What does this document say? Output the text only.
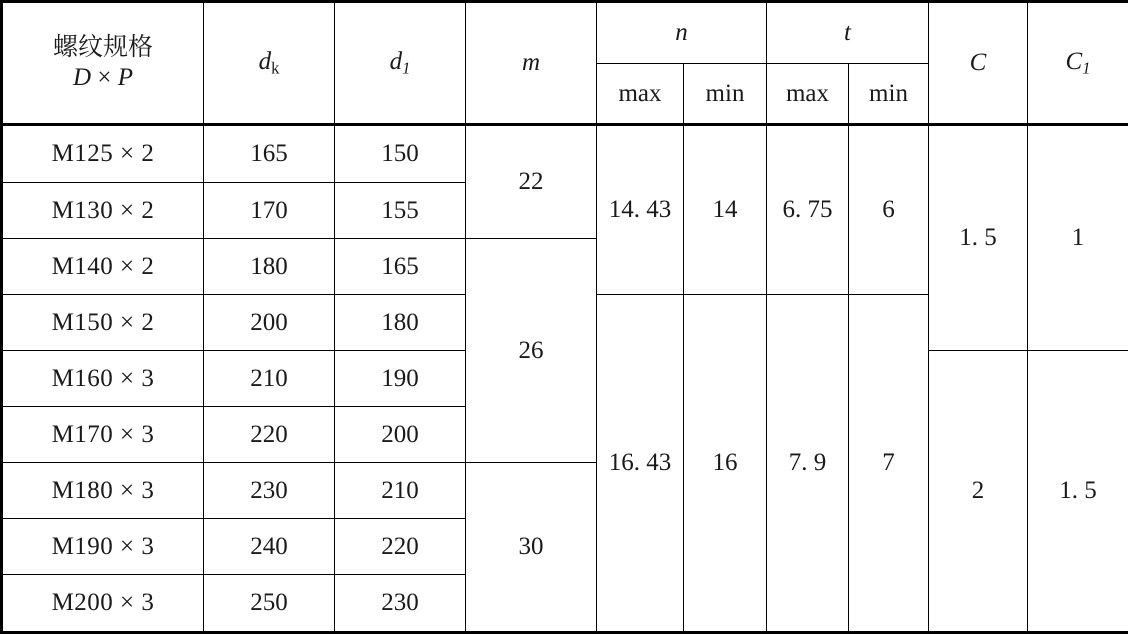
螺纹规格
D × P	$d_k$	d1	m	n		t		C	C1
				max	min	max	min		
M125 × 2	165	150	22	14. 43	14	6. 75	6	1. 5	1
M130 × 2	170	155							
M140 × 2	180	165	26						
M150 × 2	200	180		16. 43	16	7. 9	7		
M160 × 3	210	190						2	1. 5
M170 × 3	220	200							
M180 × 3	230	210	30						
M190 × 3	240	220							
M200 × 3	250	230							
